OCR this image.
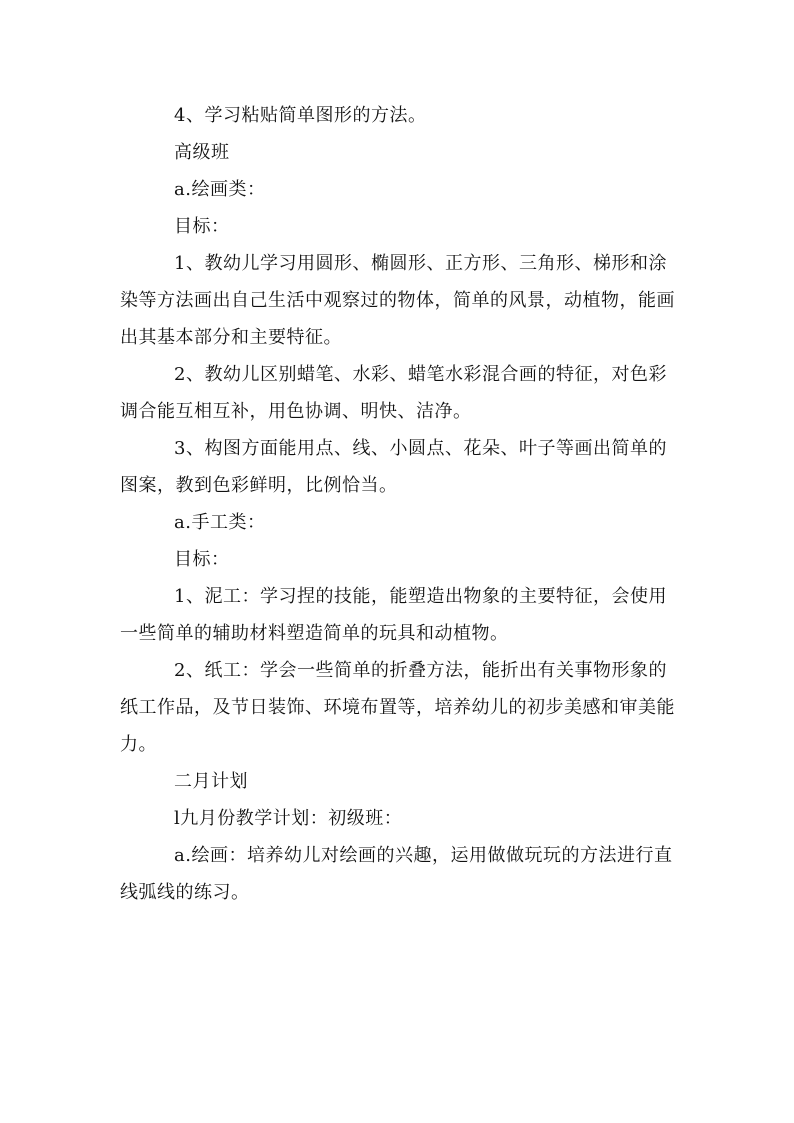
4、学习粘贴简单图形的方法。
高级班
a.绘画类：
目标：
1、教幼儿学习用圆形、椭圆形、正方形、三角形、梯形和涂
染等方法画出自己生活中观察过的物体，简单的风景，动植物，能画
出其基本部分和主要特征。
2、教幼儿区别蜡笔、水彩、蜡笔水彩混合画的特征，对色彩
调合能互相互补，用色协调、明快、洁净。
3、构图方面能用点、线、小圆点、花朵、叶子等画出简单的
图案，教到色彩鲜明，比例恰当。
a.手工类：
目标：
1、泥工：学习捏的技能，能塑造出物象的主要特征，会使用
一些简单的辅助材料塑造简单的玩具和动植物。
2、纸工：学会一些简单的折叠方法，能折出有关事物形象的
纸工作品，及节日装饰、环境布置等，培养幼儿的初步美感和审美能
力。
二月计划
l九月份教学计划：初级班：
a.绘画：培养幼儿对绘画的兴趣，运用做做玩玩的方法进行直
线弧线的练习。
